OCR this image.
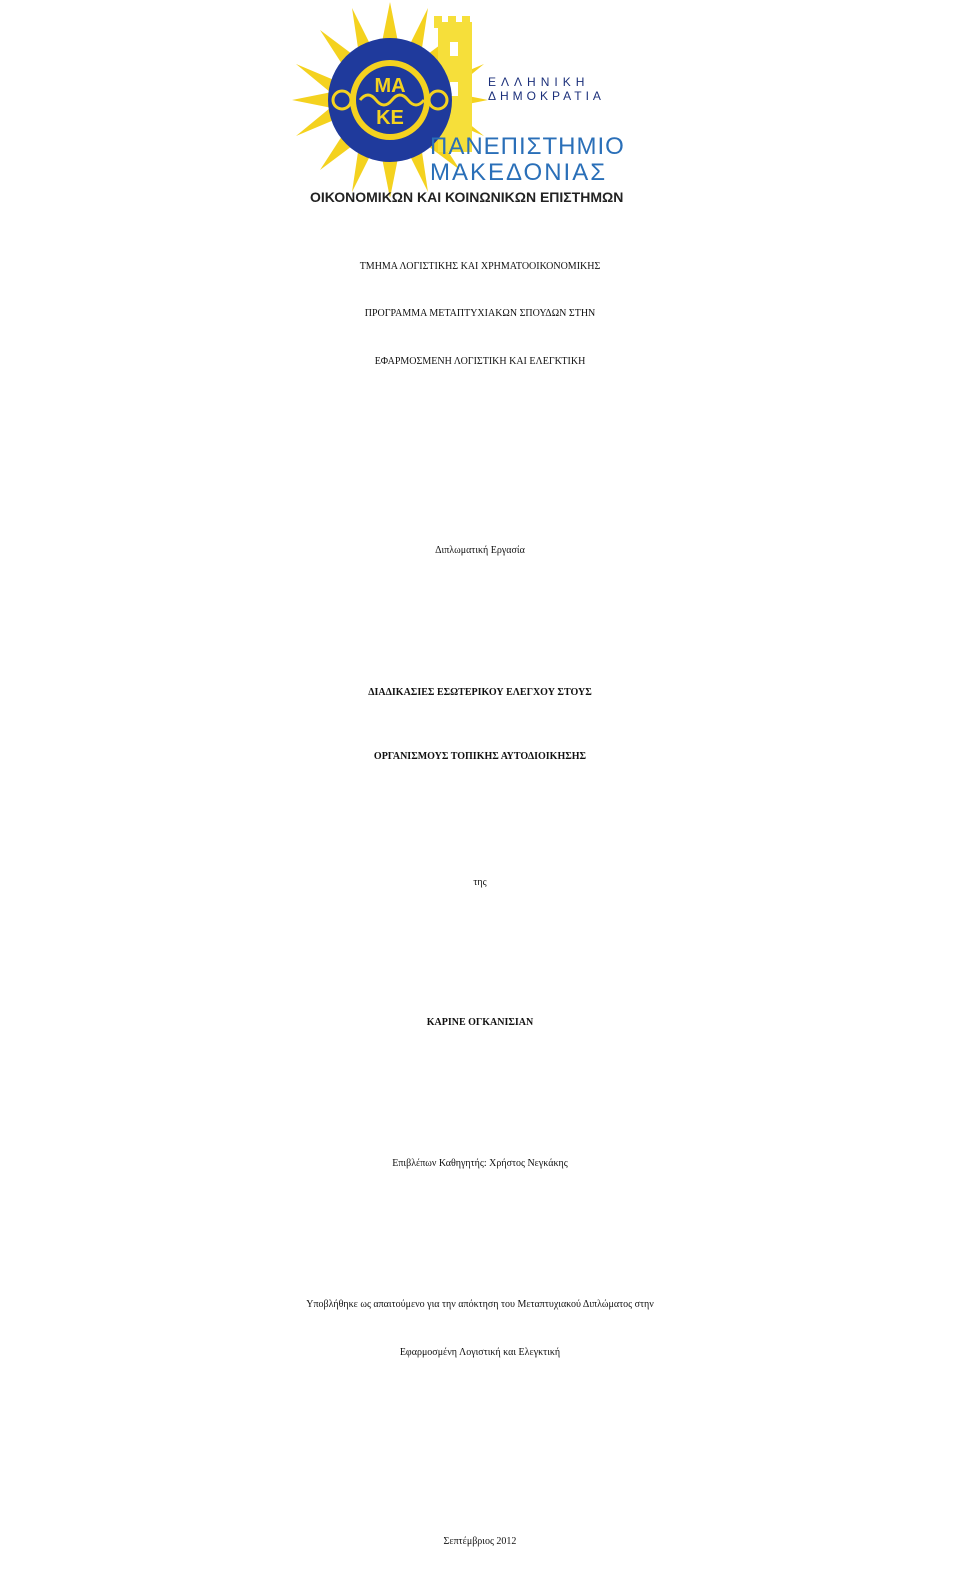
ΜΑ
ΚΕ
ΕΛΛΗΝΙΚΗ
ΔΗΜΟΚΡΑΤΙΑ
ΠΑΝΕΠΙΣΤΗΜΙΟ
ΜΑΚΕΔΟΝΙΑΣ
ΟΙΚΟΝΟΜΙΚΩΝ ΚΑΙ ΚΟΙΝΩΝΙΚΩΝ ΕΠΙΣΤΗΜΩΝ
ΤΜΗΜΑ ΛΟΓΙΣΤΙΚΗΣ ΚΑΙ ΧΡΗΜΑΤΟΟΙΚΟΝΟΜΙΚΗΣ
ΠΡΟΓΡΑΜΜΑ ΜΕΤΑΠΤΥΧΙΑΚΩΝ ΣΠΟΥΔΩΝ ΣΤΗΝ
ΕΦΑΡΜΟΣΜΕΝΗ ΛΟΓΙΣΤΙΚΗ ΚΑΙ ΕΛΕΓΚΤΙΚΗ
Διπλωματική Εργασία
ΔΙΑΔΙΚΑΣΙΕΣ ΕΣΩΤΕΡΙΚΟΥ ΕΛΕΓΧΟΥ ΣΤΟΥΣ
ΟΡΓΑΝΙΣΜΟΥΣ ΤΟΠΙΚΗΣ ΑΥΤΟΔΙΟΙΚΗΣΗΣ
της
ΚΑΡΙΝΕ ΟΓΚΑΝΙΣΙΑΝ
Επιβλέπων Καθηγητής: Χρήστος Νεγκάκης
Υποβλήθηκε ως απαιτούμενο για την απόκτηση του Μεταπτυχιακού Διπλώματος στην
Εφαρμοσμένη Λογιστική και Ελεγκτική
Σεπτέμβριος 2012
